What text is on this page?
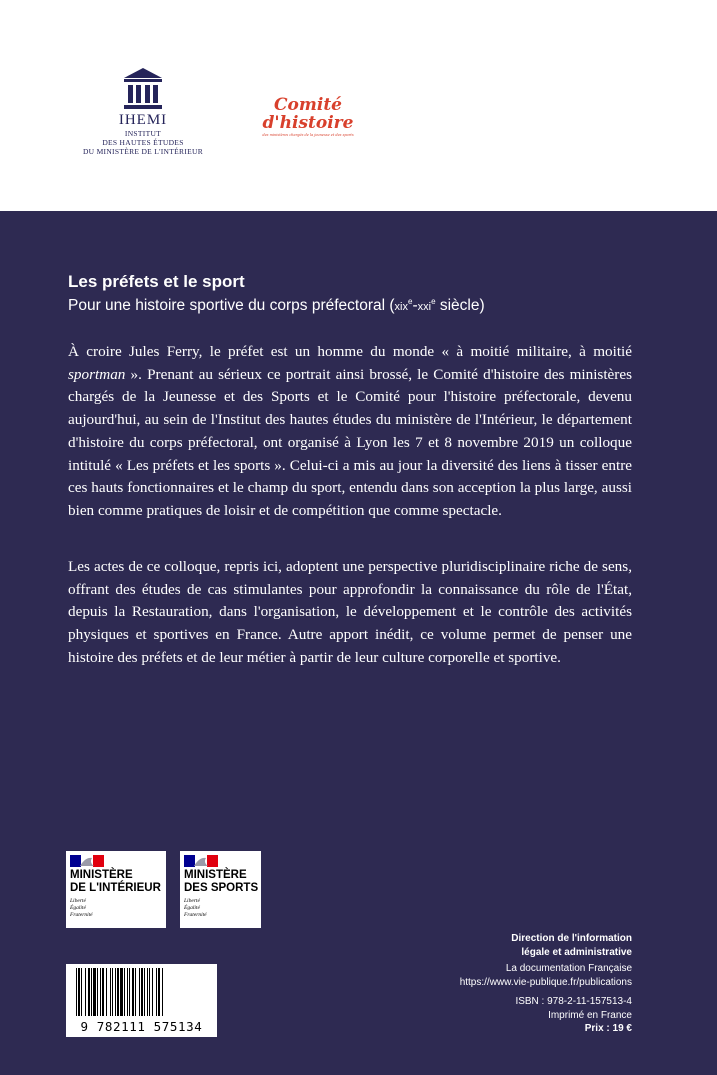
IHEMI
INSTITUT
DES HAUTES ÉTUDES
DU MINISTÈRE DE L'INTÉRIEUR
Comité
d'histoire
des ministères chargés de la jeunesse et des sports
Les préfets et le sport
Pour une histoire sportive du corps préfectoral (xix$^e$-xxi$^e$ siècle)

À croire Jules Ferry, le préfet est un homme du monde « à moitié militaire, à moitié sportman ». Prenant au sérieux ce portrait ainsi brossé, le Comité d'histoire des ministères chargés de la Jeunesse et des Sports et le Comité pour l'histoire préfectorale, devenu aujourd'hui, au sein de l'Institut des hautes études du ministère de l'Intérieur, le département d'histoire du corps préfectoral, ont organisé à Lyon les 7 et 8 novembre 2019 un colloque intitulé « Les préfets et les sports ». Celui-ci a mis au jour la diversité des liens à tisser entre ces hauts fonctionnaires et le champ du sport, entendu dans son acception la plus large, aussi bien comme pratiques de loisir et de compétition que comme spectacle.

Les actes de ce colloque, repris ici, adoptent une perspective pluridisciplinaire riche de sens, offrant des études de cas stimulantes pour approfondir la connaissance du rôle de l'État, depuis la Restauration, dans l'organisation, le développement et le contrôle des activités physiques et sportives en France. Autre apport inédit, ce volume permet de penser une histoire des préfets et de leur métier à partir de leur culture corporelle et sportive.

MINISTÈRE
DE L'INTÉRIEUR
Liberté
Égalité
Fraternité
MINISTÈRE
DES SPORTS
Liberté
Égalité
Fraternité
Direction de l'information
légale et administrative
La documentation Française
https://www.vie-publique.fr/publications
ISBN : 978-2-11-157513-4
Imprimé en France
Prix : 19 €
9 782111 575134
